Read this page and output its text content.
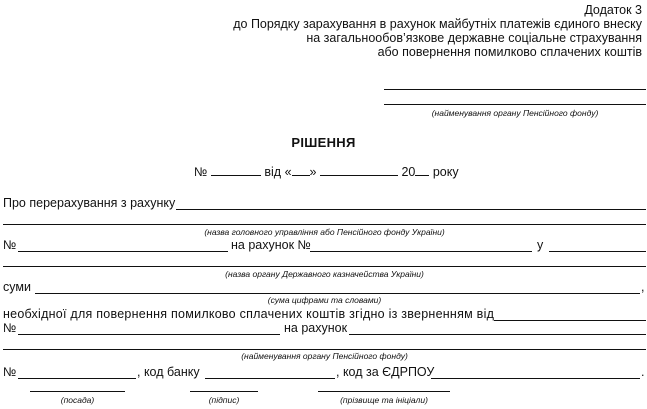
Додаток 3
до Порядку зарахування в рахунок майбутніх платежів єдиного внеску
на загальнообов’язкове державне соціальне страхування
або повернення помилково сплачених коштів
(найменування органу Пенсійного фонду)
РІШЕННЯ
№	від « »	20 року
Про перерахування з рахунку
(назва головного управління або Пенсійного фонду України)
№	на рахунок №	у
(назва органу Державного казначейства України)
суми	,
(сума цифрами та словами)
необхідної для повернення помилково сплачених коштів згідно із зверненням від
№	на рахунок
(найменування органу Пенсійного фонду)
№	, код банку	, код за ЄДРПОУ	.
(посада)	(підпис)	(прізвище та ініціали)
